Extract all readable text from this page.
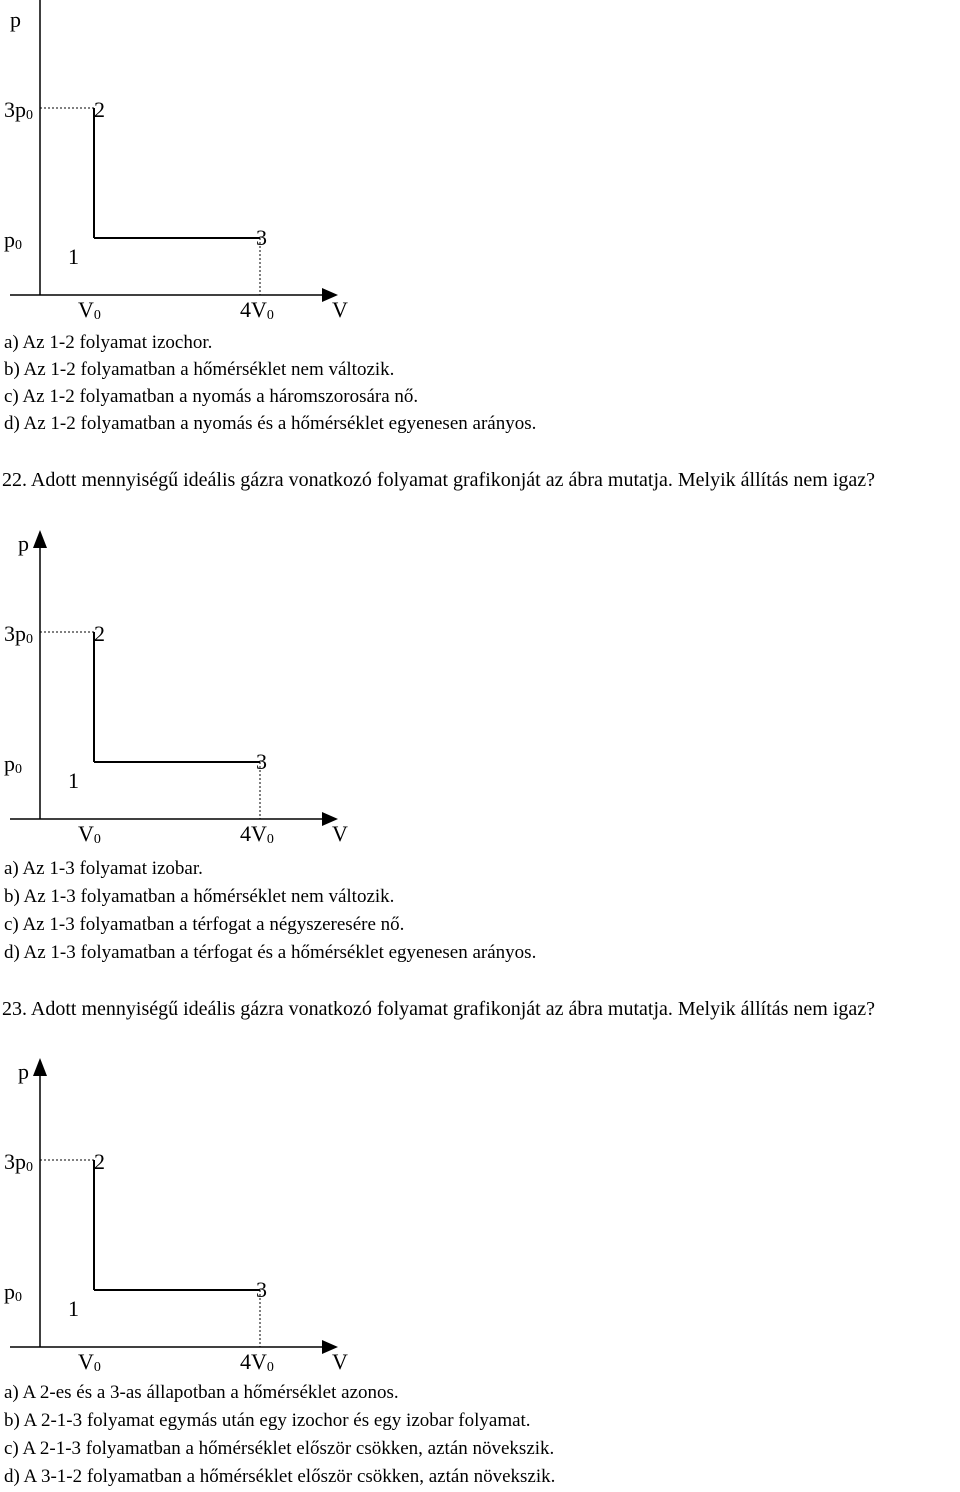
p
$3p_0$	2
$p_0$	3
1
$V_0$	$4V_0$	V
a) Az 1-2 folyamat izochor.
b) Az 1-2 folyamatban a hőmérséklet nem változik.
c) Az 1-2 folyamatban a nyomás a háromszorosára nő.
d) Az 1-2 folyamatban a nyomás és a hőmérséklet egyenesen arányos.
22. Adott mennyiségű ideális gázra vonatkozó folyamat grafikonját az ábra mutatja. Melyik állítás nem igaz?
p
$3p_0$	2
$p_0$	3
1
$V_0$	$4V_0$	V
a) Az 1-3 folyamat izobar.
b) Az 1-3 folyamatban a hőmérséklet nem változik.
c) Az 1-3 folyamatban a térfogat a négyszeresére nő.
d) Az 1-3 folyamatban a térfogat és a hőmérséklet egyenesen arányos.
23. Adott mennyiségű ideális gázra vonatkozó folyamat grafikonját az ábra mutatja. Melyik állítás nem igaz?
p
$3p_0$	2
$p_0$	3
1
$V_0$	$4V_0$	V
a) A 2-es és a 3-as állapotban a hőmérséklet azonos.
b) A 2-1-3 folyamat egymás után egy izochor és egy izobar folyamat.
c) A 2-1-3 folyamatban a hőmérséklet először csökken, aztán növekszik.
d) A 3-1-2 folyamatban a hőmérséklet először csökken, aztán növekszik.
